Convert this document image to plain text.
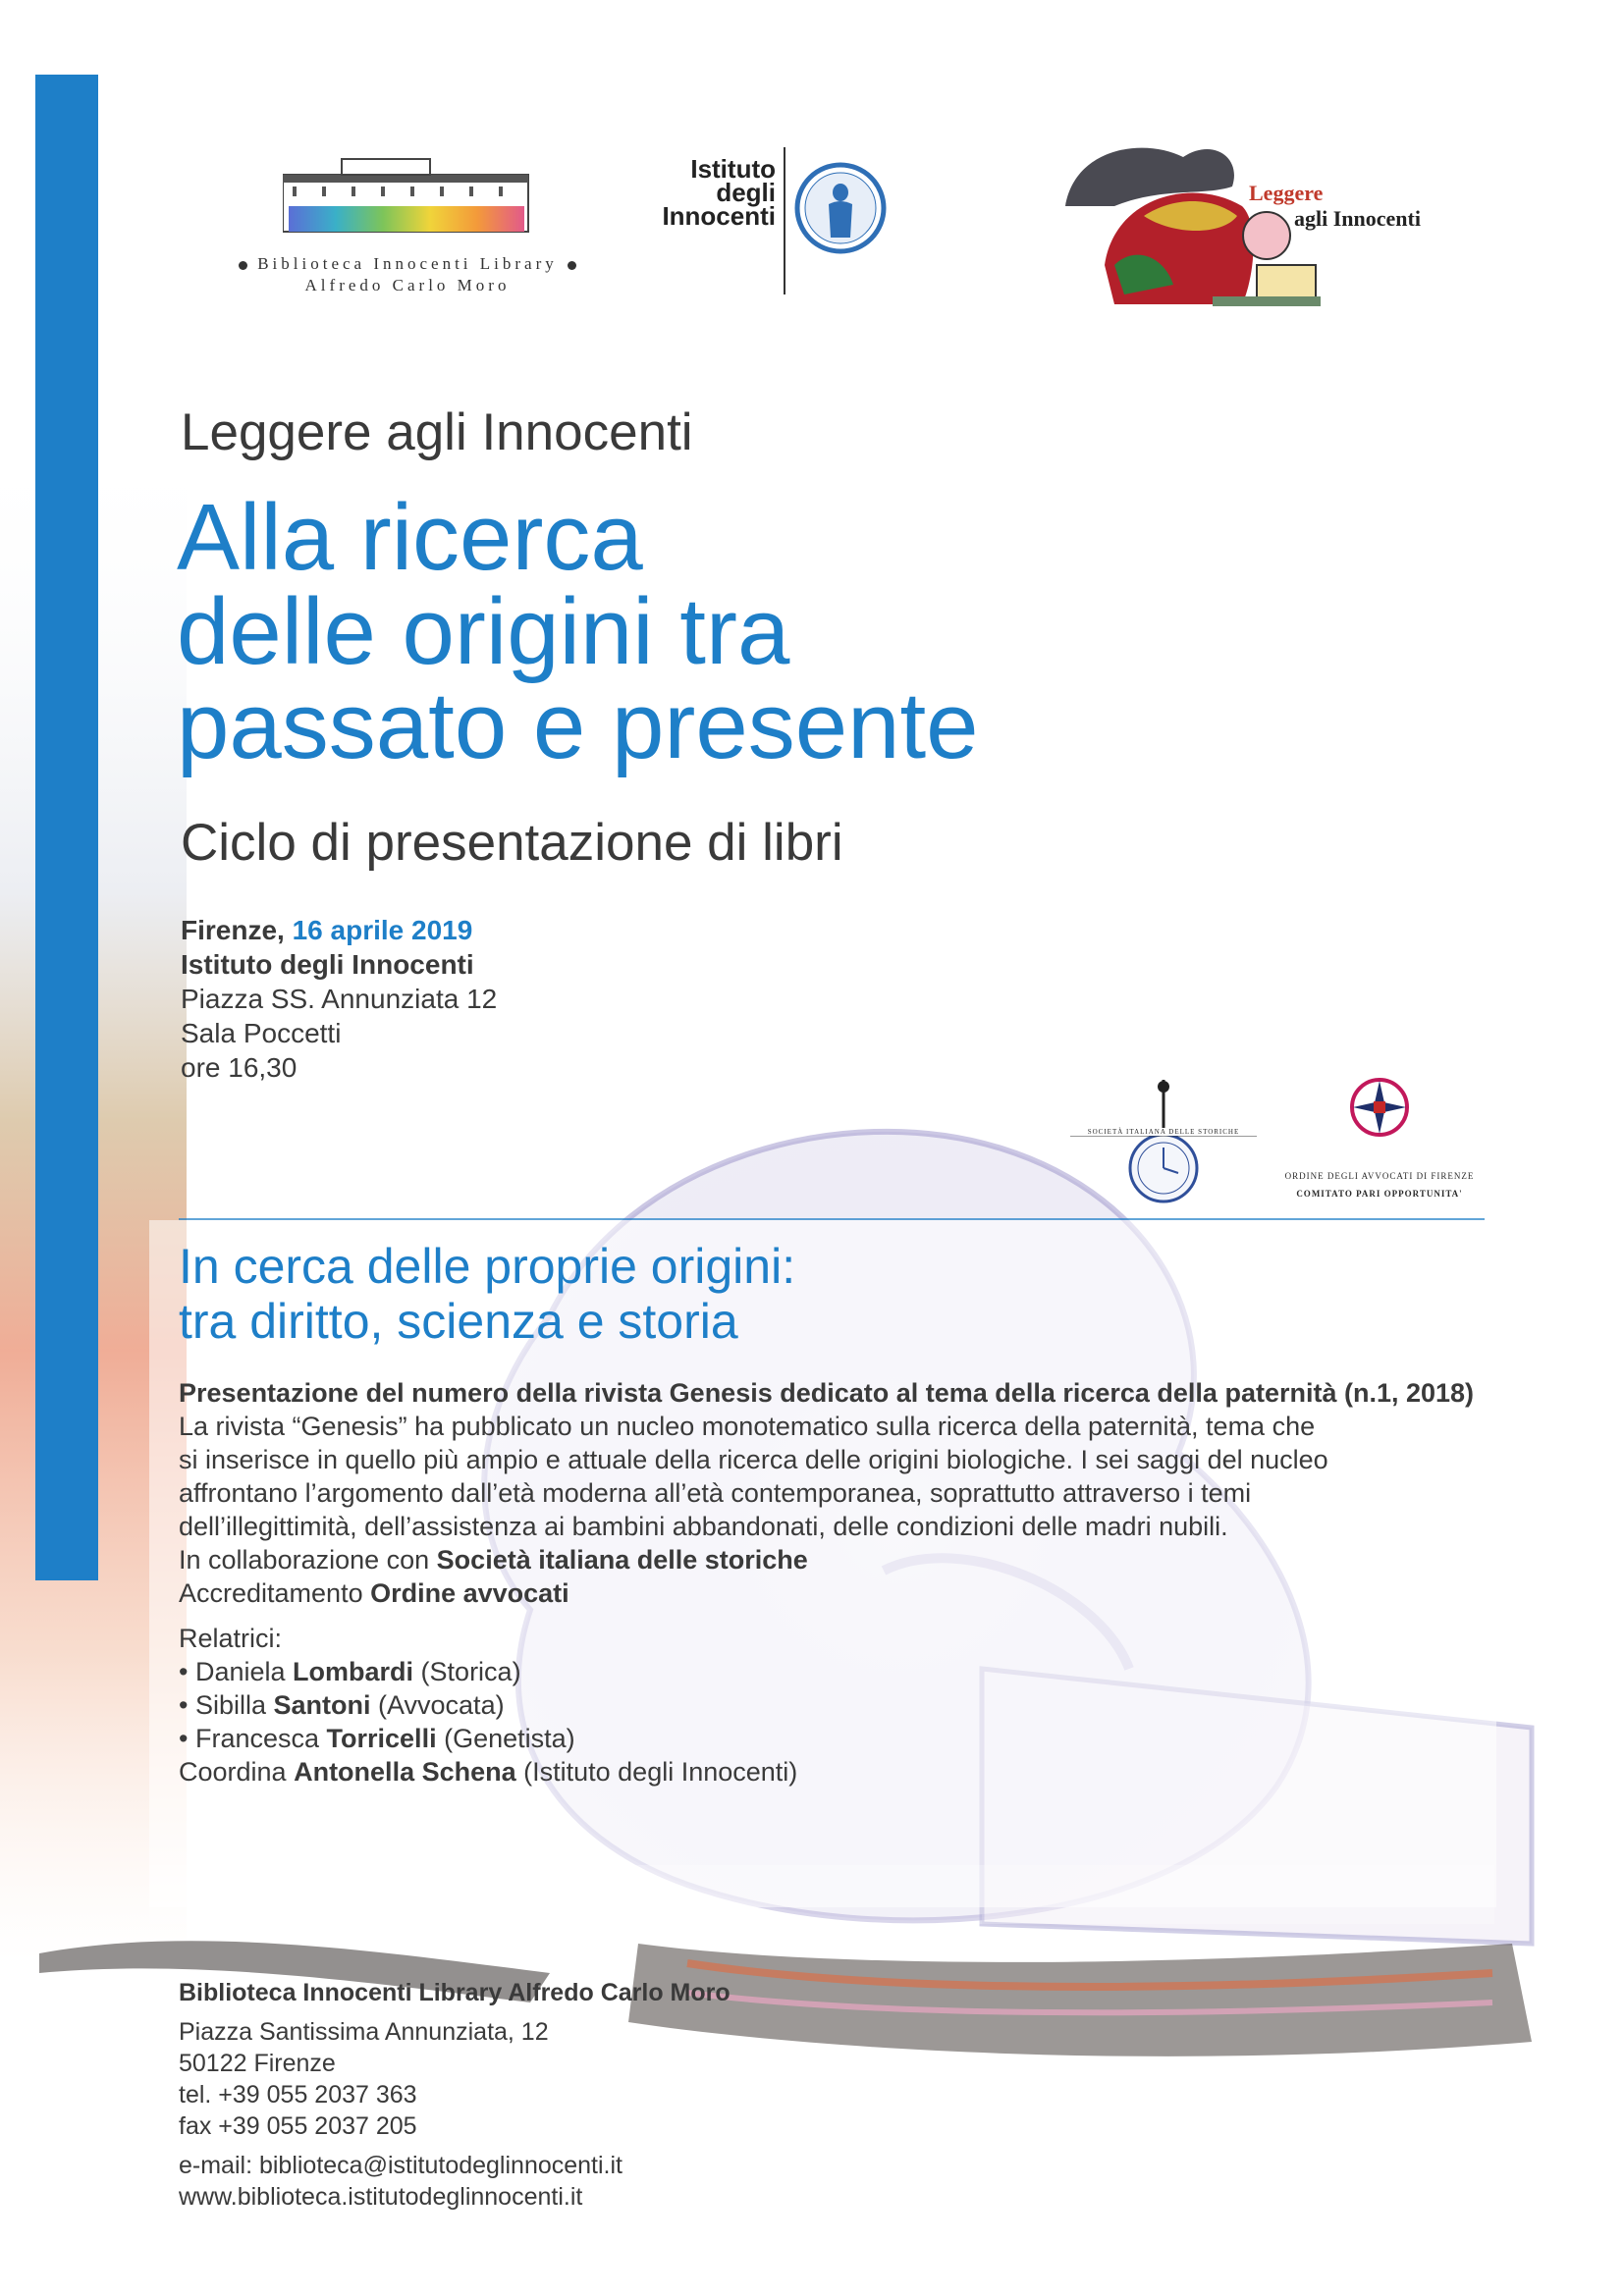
Biblioteca Innocenti Library
Alfredo Carlo Moro
Istituto
degli
Innocenti
Leggere
agli Innocenti
Leggere agli Innocenti
Alla ricerca
delle origini tra
passato e presente
Ciclo di presentazione di libri
Firenze, 16 aprile 2019
Istituto degli Innocenti
Piazza SS. Annunziata 12
Sala Poccetti
ore 16,30
SOCIETÀ ITALIANA DELLE STORICHE
ORDINE DEGLI AVVOCATI DI FIRENZE
COMITATO PARI OPPORTUNITA'
In cerca delle proprie origini:
tra diritto, scienza e storia

Presentazione del numero della rivista Genesis dedicato al tema della ricerca della paternità (n.1, 2018)

La rivista “Genesis” ha pubblicato un nucleo monotematico sulla ricerca della paternità, tema che

si inserisce in quello più ampio e attuale della ricerca delle origini biologiche. I sei saggi del nucleo

affrontano l’argomento dall’età moderna all’età contemporanea, soprattutto attraverso i temi

dell’illegittimità, dell’assistenza ai bambini abbandonati, delle condizioni delle madri nubili.

In collaborazione con Società italiana delle storiche

Accreditamento Ordine avvocati

Relatrici:

• Daniela Lombardi (Storica)

• Sibilla Santoni (Avvocata)

• Francesca Torricelli (Genetista)

Coordina Antonella Schena (Istituto degli Innocenti)

Biblioteca Innocenti Library Alfredo Carlo Moro
Piazza Santissima Annunziata, 12
50122 Firenze
tel. +39 055 2037 363
fax +39 055 2037 205
e-mail: biblioteca@istitutodeglinnocenti.it
www.biblioteca.istitutodeglinnocenti.it
